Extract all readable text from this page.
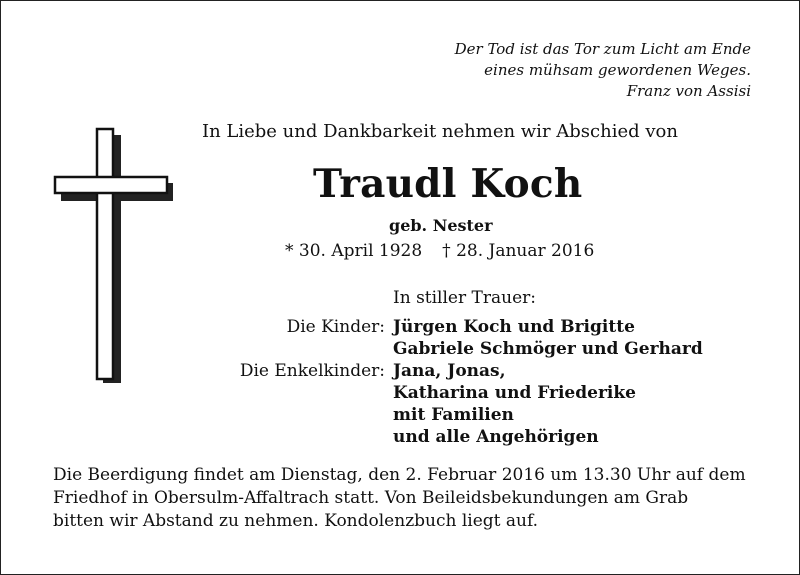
Der Tod ist das Tor zum Licht am Ende
eines mühsam gewordenen Weges.
Franz von Assisi
In Liebe und Dankbarkeit nehmen wir Abschied von
Traudl Koch
geb. Nester
* 30. April 1928 † 28. Januar 2016
In stiller Trauer:
Die Kinder:
Die Enkelkinder:
Jürgen Koch und Brigitte
Gabriele Schmöger und Gerhard
Jana, Jonas,
Katharina und Friederike
mit Familien
und alle Angehörigen
Die Beerdigung findet am Dienstag, den 2. Februar 2016 um 13.30 Uhr auf dem
Friedhof in Obersulm-Affaltrach statt. Von Beileidsbekundungen am Grab
bitten wir Abstand zu nehmen. Kondolenzbuch liegt auf.
